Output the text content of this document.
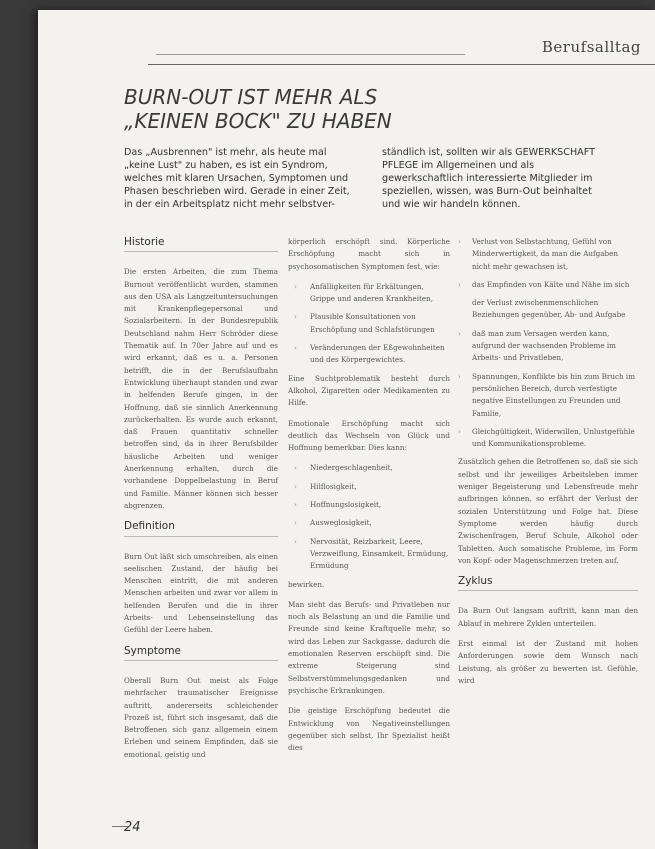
Berufsalltag
BURN-OUT IST MEHR ALS
„KEINEN BOCK" ZU HABEN
Das „Ausbrennen" ist mehr, als heute mal „keine Lust" zu haben, es ist ein Syndrom, welches mit klaren Ursachen, Symptomen und Phasen beschrieben wird. Gerade in einer Zeit, in der ein Arbeitsplatz nicht mehr selbstver-
ständlich ist, sollten wir als GEWERKSCHAFT PFLEGE im Allgemeinen und als gewerkschaftlich interessierte Mitglieder im speziellen, wissen, was Burn-Out beinhaltet und wie wir handeln können.
Historie

Die ersten Arbeiten, die zum Thema Burnout veröffentlicht wurden, stammen aus den USA als Langzeituntersuchungen mit Krankenpflegepersonal und Sozialarbeitern. In der Bundesrepublik Deutschland nahm Herr Schröder diese Thematik auf. In 70er Jahre auf und es wird erkannt, daß es u. a. Personen betrifft, die in der Berufslaufbahn Entwicklung überhaupt standen und zwar in helfenden Berufe gingen, in der Hoffnung, daß sie sinnlich Anerkennung zurückerhalten. Es wurde auch erkannt, daß Frauen quantitativ schneller betroffen sind, da in ihrer Berufsbilder häusliche Arbeiten und weniger Anerkennung erhalten, durch die vorhandene Doppelbelastung in Beruf und Familie. Männer können sich besser abgrenzen.

Definition

Burn Out läßt sich umschreiben, als einen seelischen Zustand, der häufig bei Menschen eintritt, die mit anderen Menschen arbeiten und zwar vor allem in helfenden Berufen und die in ihrer Arbeits- und Lebenseinstellung das Gefühl der Leere haben.

Symptome

Oberall Burn Out meist als Folge mehrfacher traumatischer Ereignisse auftritt, andererseits schleichender Prozeß ist, führt sich insgesamt, daß die Betroffenen sich ganz allgemein einem Erleben und seinem Empfinden, daß sie emotional, geistig und

körperlich erschöpft sind. Körperliche Erschöpfung macht sich in psychosomatischen Symptomen fest, wie:

› Anfälligkeiten für Erkältungen, Grippe und anderen Krankheiten,
› Plausible Konsultationen von Erschöpfung und Schlafstörungen
› Veränderungen der Eßgewohnheiten und des Körpergewichtes.

Eine Suchtproblematik besteht durch Alkohol, Zigaretten oder Medikamenten zu Hilfe.

Emotionale Erschöpfung macht sich deutlich das Wechseln von Glück und Hoffnung bemerkbar. Dies kann:

› Niedergeschlagenheit,
› Hilflosigkeit,
› Hoffnungslosigkeit,
› Ausweglosigkeit,
› Nervosität, Reizbarkeit, Leere, Verzweiflung, Einsamkeit, Ermüdung, Ermüdung

bewirken.

Man sieht das Berufs- und Privatleben nur noch als Belastung an und die Familie und Freunde sind keine Kraftquelle mehr, so wird das Leben zur Sackgasse, dadurch die emotionalen Reserven erschöpft sind. Die extreme Steigerung sind Selbstverstümmelungsgedanken und psychische Erkrankungen.

Die geistige Erschöpfung bedeutet die Entwicklung von Negativeinstellungen gegenüber sich selbst, Ihr Spezialist heißt dies

› Verlust von Selbstachtung, Gefühl von Minderwertigkeit, da man die Aufgaben nicht mehr gewachsen ist,
› das Empfinden von Kälte und Nähe im sich
der Verlust zwischenmenschlichen Beziehungen gegenüber, Ab- und Aufgabe
› daß man zum Versagen werden kann, aufgrund der wachsenden Probleme im Arbeits- und Privatleben,
› Spannungen, Konflikte bis hin zum Bruch im persönlichen Bereich, durch verfestigte negative Einstellungen zu Freunden und Familie,
› Gleichgültigkeit, Widerwillen, Unlustgefühle und Kommunikationsprobleme.

Zusätzlich gehen die Betroffenen so, daß sie sich selbst und ihr jeweiliges Arbeitsleben immer weniger Begeisterung und Lebensfreude mehr aufbringen können, so erfährt der Verlust der sozialen Unterstützung und Folge hat. Diese Symptome werden häufig durch Zwischenfragen, Beruf Schule, Alkohol oder Tabletten. Auch somatische Probleme, im Form von Kopf- oder Magenschmerzen treten auf.

Zyklus

Da Burn Out langsam auftritt, kann man den Ablauf in mehrere Zyklen unterteilen.

Erst einmal ist der Zustand mit hohen Anforderungen sowie dem Wunsch nach Leistung, als größer zu bewerten ist. Gefühle, wird

24
